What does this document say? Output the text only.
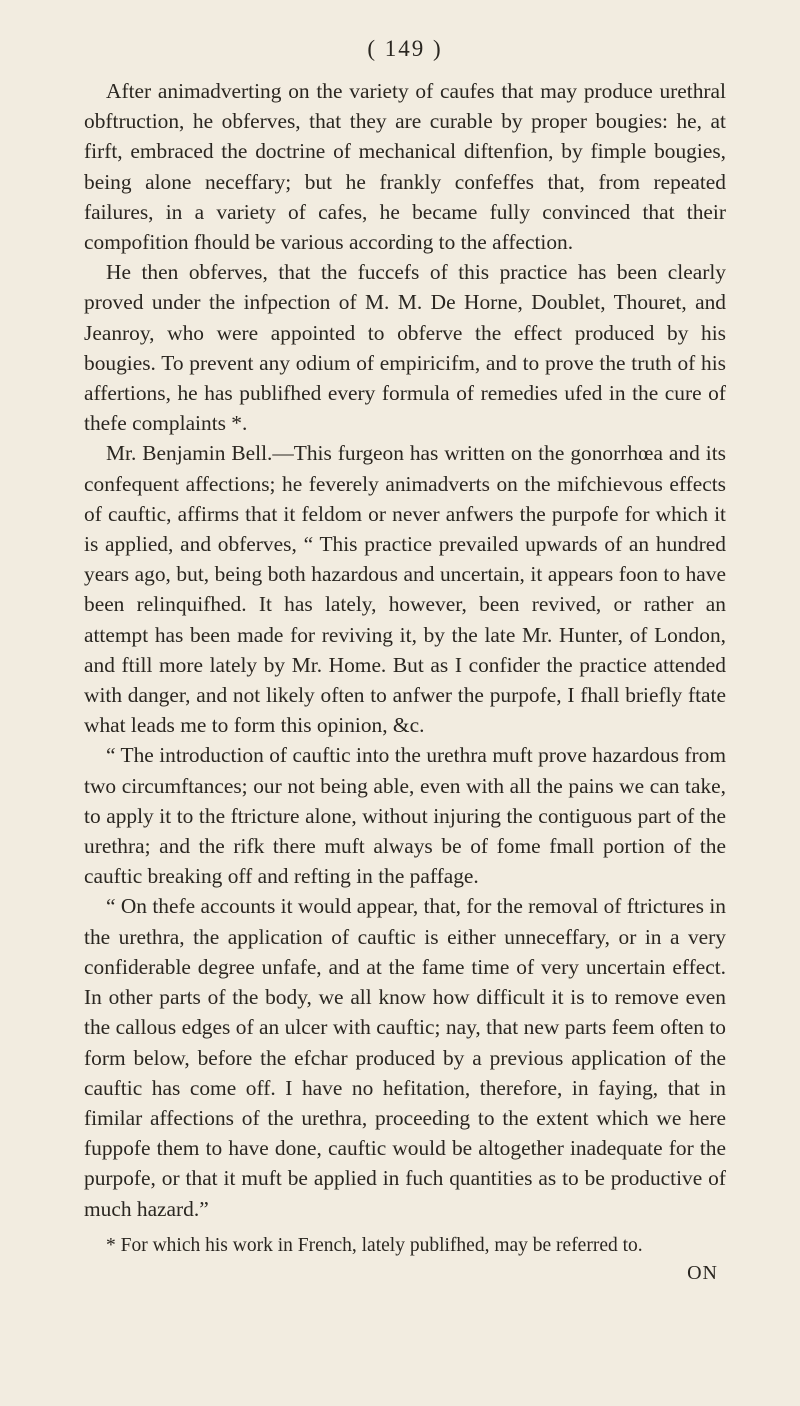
( 149 )

After animadverting on the variety of caufes that may produce urethral obftruction, he obferves, that they are curable by proper bougies: he, at firft, embraced the doctrine of mechanical diftenfion, by fimple bougies, being alone neceffary; but he frankly confeffes that, from repeated failures, in a variety of cafes, he became fully convinced that their compofition fhould be various according to the affection.

He then obferves, that the fuccefs of this practice has been clearly proved under the infpection of M. M. De Horne, Doublet, Thouret, and Jeanroy, who were appointed to obferve the effect produced by his bougies. To prevent any odium of empiricifm, and to prove the truth of his affertions, he has publifhed every formula of remedies ufed in the cure of thefe complaints *.

Mr. Benjamin Bell.—This furgeon has written on the gonorrhœa and its confequent affections; he feverely animadverts on the mifchievous effects of cauftic, affirms that it feldom or never anfwers the purpofe for which it is applied, and obferves, “ This practice prevailed upwards of an hundred years ago, but, being both hazardous and uncertain, it appears foon to have been relinquifhed. It has lately, however, been revived, or rather an attempt has been made for reviving it, by the late Mr. Hunter, of London, and ftill more lately by Mr. Home. But as I confider the practice attended with danger, and not likely often to anfwer the purpofe, I fhall briefly ftate what leads me to form this opinion, &c.

“ The introduction of cauftic into the urethra muft prove hazardous from two circumftances; our not being able, even with all the pains we can take, to apply it to the ftricture alone, without injuring the contiguous part of the urethra; and the rifk there muft always be of fome fmall portion of the cauftic breaking off and refting in the paffage.

“ On thefe accounts it would appear, that, for the removal of ftrictures in the urethra, the application of cauftic is either unneceffary, or in a very confiderable degree unfafe, and at the fame time of very uncertain effect. In other parts of the body, we all know how difficult it is to remove even the callous edges of an ulcer with cauftic; nay, that new parts feem often to form below, before the efchar produced by a previous application of the cauftic has come off. I have no hefitation, therefore, in faying, that in fimilar affections of the urethra, proceeding to the extent which we here fuppofe them to have done, cauftic would be altogether inadequate for the purpofe, or that it muft be applied in fuch quantities as to be productive of much hazard.”

* For which his work in French, lately publifhed, may be referred to.
ON
